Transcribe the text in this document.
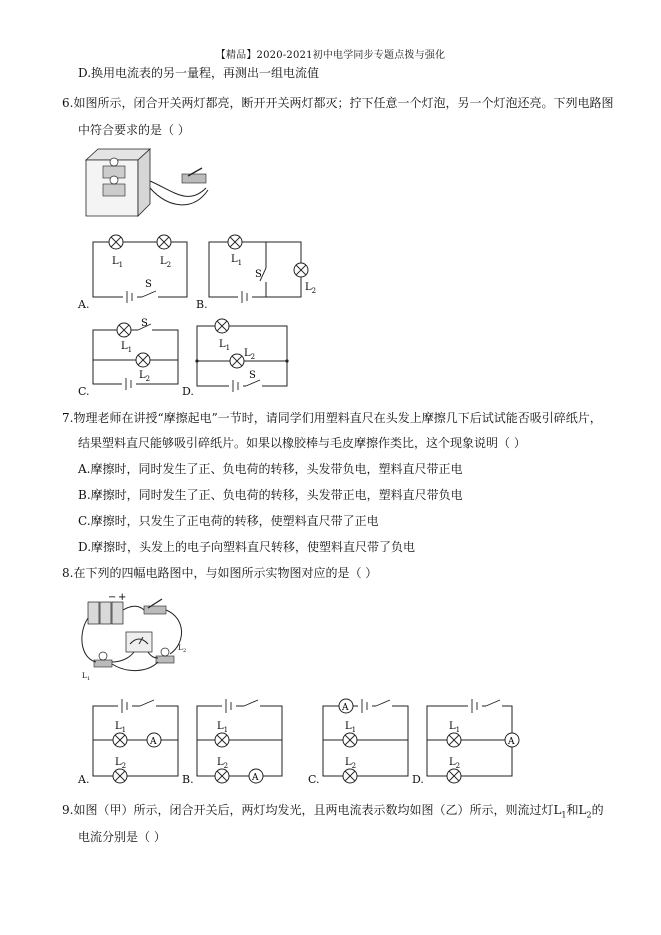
【精品】2020-2021初中电学同步专题点拨与强化
D.换用电流表的另一量程，再测出一组电流值
6.如图所示，闭合开关两灯都亮，断开开关两灯都灭；拧下任意一个灯泡，另一个灯泡还亮。下列电路图
中符合要求的是（ ）
$L_1$	$L_2$
S
A.
$L_1$
S
$L_2$
B.
$L_1$
S
$L_2$
C.
$L_1$ $L_2$
S
D.
7.物理老师在讲授“摩擦起电”一节时，请同学们用塑料直尺在头发上摩擦几下后试试能否吸引碎纸片，
结果塑料直尺能够吸引碎纸片。如果以橡胶棒与毛皮摩擦作类比，这个现象说明（ ）
A.摩擦时，同时发生了正、负电荷的转移，头发带负电，塑料直尺带正电
B.摩擦时，同时发生了正、负电荷的转移，头发带正电，塑料直尺带负电
C.摩擦时，只发生了正电荷的转移，使塑料直尺带了正电
D.摩擦时，头发上的电子向塑料直尺转移，使塑料直尺带了负电
8.在下列的四幅电路图中，与如图所示实物图对应的是（ ）
− +
L 2
L 1
A
$L_1$
$L_2$
A.	A
$L_1$
$L_2$
B.
A
$L_1$
$L_2$
C.
A
$L_1$
$L_2$
D.
9.如图（甲）所示，闭合开关后，两灯均发光，且两电流表示数均如图（乙）所示，则流过灯$L_1$和$L_2$的
电流分别是（ ）
